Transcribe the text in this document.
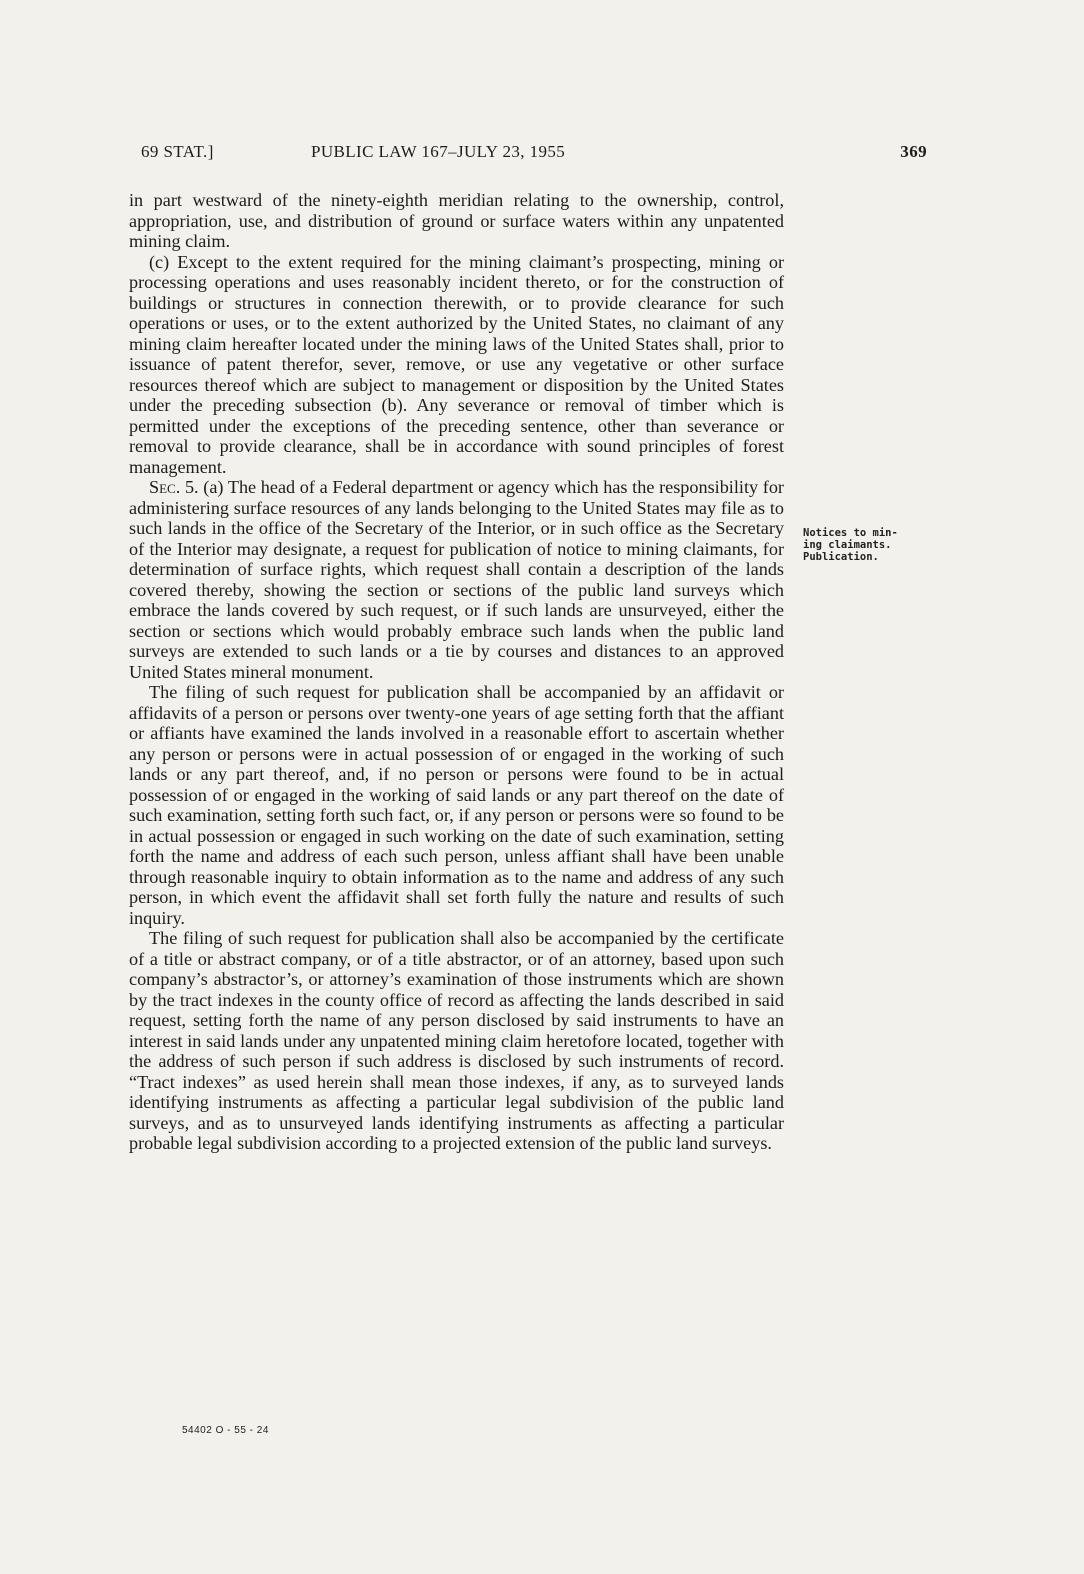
69 STAT.]	PUBLIC LAW 167–JULY 23, 1955	369

in part westward of the ninety-eighth meridian relating to the ownership, control, appropriation, use, and distribution of ground or surface waters within any unpatented mining claim.

(c) Except to the extent required for the mining claimant’s prospecting, mining or processing operations and uses reasonably incident thereto, or for the construction of buildings or structures in connection therewith, or to provide clearance for such operations or uses, or to the extent authorized by the United States, no claimant of any mining claim hereafter located under the mining laws of the United States shall, prior to issuance of patent therefor, sever, remove, or use any vegetative or other surface resources thereof which are subject to management or disposition by the United States under the preceding subsection (b). Any severance or removal of timber which is permitted under the exceptions of the preceding sentence, other than severance or removal to provide clearance, shall be in accordance with sound principles of forest management.

Sec. 5. (a) The head of a Federal department or agency which has the responsibility for administering surface resources of any lands belonging to the United States may file as to such lands in the office of the Secretary of the Interior, or in such office as the Secretary of the Interior may designate, a request for publication of notice to mining claimants, for determination of surface rights, which request shall contain a description of the lands covered thereby, showing the section or sections of the public land surveys which embrace the lands covered by such request, or if such lands are unsurveyed, either the section or sections which would probably embrace such lands when the public land surveys are extended to such lands or a tie by courses and distances to an approved United States mineral monument.

The filing of such request for publication shall be accompanied by an affidavit or affidavits of a person or persons over twenty-one years of age setting forth that the affiant or affiants have examined the lands involved in a reasonable effort to ascertain whether any person or persons were in actual possession of or engaged in the working of such lands or any part thereof, and, if no person or persons were found to be in actual possession of or engaged in the working of said lands or any part thereof on the date of such examination, setting forth such fact, or, if any person or persons were so found to be in actual possession or engaged in such working on the date of such examination, setting forth the name and address of each such person, unless affiant shall have been unable through reasonable inquiry to obtain information as to the name and address of any such person, in which event the affidavit shall set forth fully the nature and results of such inquiry.

The filing of such request for publication shall also be accompanied by the certificate of a title or abstract company, or of a title abstractor, or of an attorney, based upon such company’s abstractor’s, or attorney’s examination of those instruments which are shown by the tract indexes in the county office of record as affecting the lands described in said request, setting forth the name of any person disclosed by said instruments to have an interest in said lands under any unpatented mining claim heretofore located, together with the address of such person if such address is disclosed by such instruments of record. “Tract indexes” as used herein shall mean those indexes, if any, as to surveyed lands identifying instruments as affecting a particular legal subdivision of the public land surveys, and as to unsurveyed lands identifying instruments as affecting a particular probable legal subdivision according to a projected extension of the public land surveys.

Notices to min-
ing claimants.
Publication.
54402 O - 55 - 24
